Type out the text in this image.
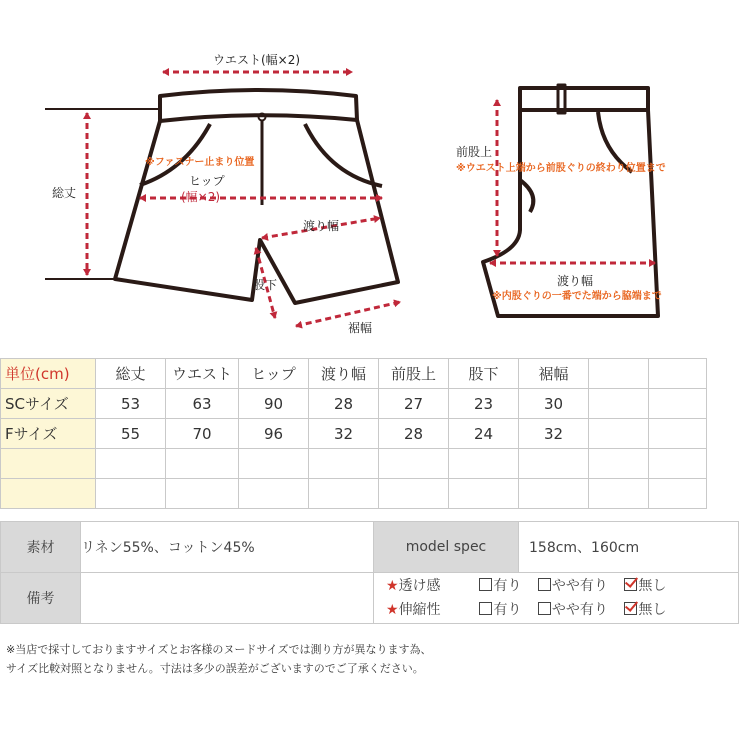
ウエスト(幅×2)
※ファスナー止まり位置
ヒップ
(幅×2)
渡り幅
総丈
股下
裾幅
前股上
※ウエスト上端から前股ぐりの終わり位置まで
渡り幅
※内股ぐりの一番でた端から脇端まで
単位(cm)	総丈	ウエスト	ヒップ	渡り幅	前股上	股下	裾幅		
SCサイズ	53	63	90	28	27	23	30		
Fサイズ	55	70	96	32	28	24	32		

素材	リネン55%、コットン45%	model spec	158cm、160cm
備考		★透け感 有り やや有り 無し
★伸縮性 有り やや有り 無し	
※当店で採寸しておりますサイズとお客様のヌードサイズでは測り方が異なります為、
サイズ比較対照となりません。寸法は多少の誤差がございますのでご了承ください。
